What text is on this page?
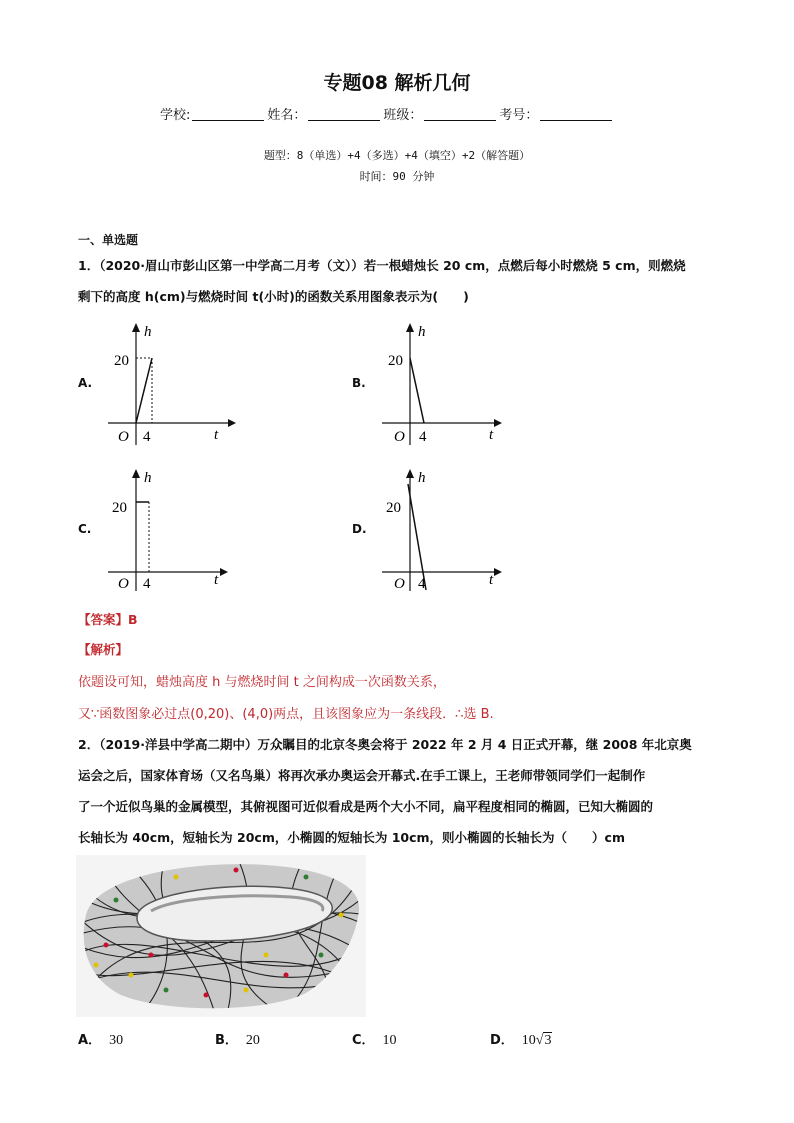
专题08 解析几何
学校:	姓名：	班级：	考号：
题型：8（单选）+4（多选）+4（填空）+2（解答题）
时间：90 分钟
一、单选题
1．（2020·眉山市彭山区第一中学高二月考（文））若一根蜡烛长 20 cm，点燃后每小时燃烧 5 cm，则燃烧
剩下的高度 h(cm)与燃烧时间 t(小时)的函数关系用图象表示为(　　)
A.
h
20
O 4	t
B.
h
20
O 4	t
C.
h
20
O 4	t
D.
h
20
O 4	t
【答案】B
【解析】
依题设可知，蜡烛高度 h 与燃烧时间 t 之间构成一次函数关系，
又∵函数图象必过点(0,20)、(4,0)两点，且该图象应为一条线段．∴选 B.
2．（2019·洋县中学高二期中）万众瞩目的北京冬奥会将于 2022 年 2 月 4 日正式开幕，继 2008 年北京奥
运会之后，国家体育场（又名鸟巢）将再次承办奥运会开幕式.在手工课上，王老师带领同学们一起制作
了一个近似鸟巢的金属模型，其俯视图可近似看成是两个大小不同，扁平程度相同的椭圆，已知大椭圆的
长轴长为 40cm，短轴长为 20cm，小椭圆的短轴长为 10cm，则小椭圆的长轴长为（　　）cm
A． 30	B． 20	C． 10	D． 10√3
